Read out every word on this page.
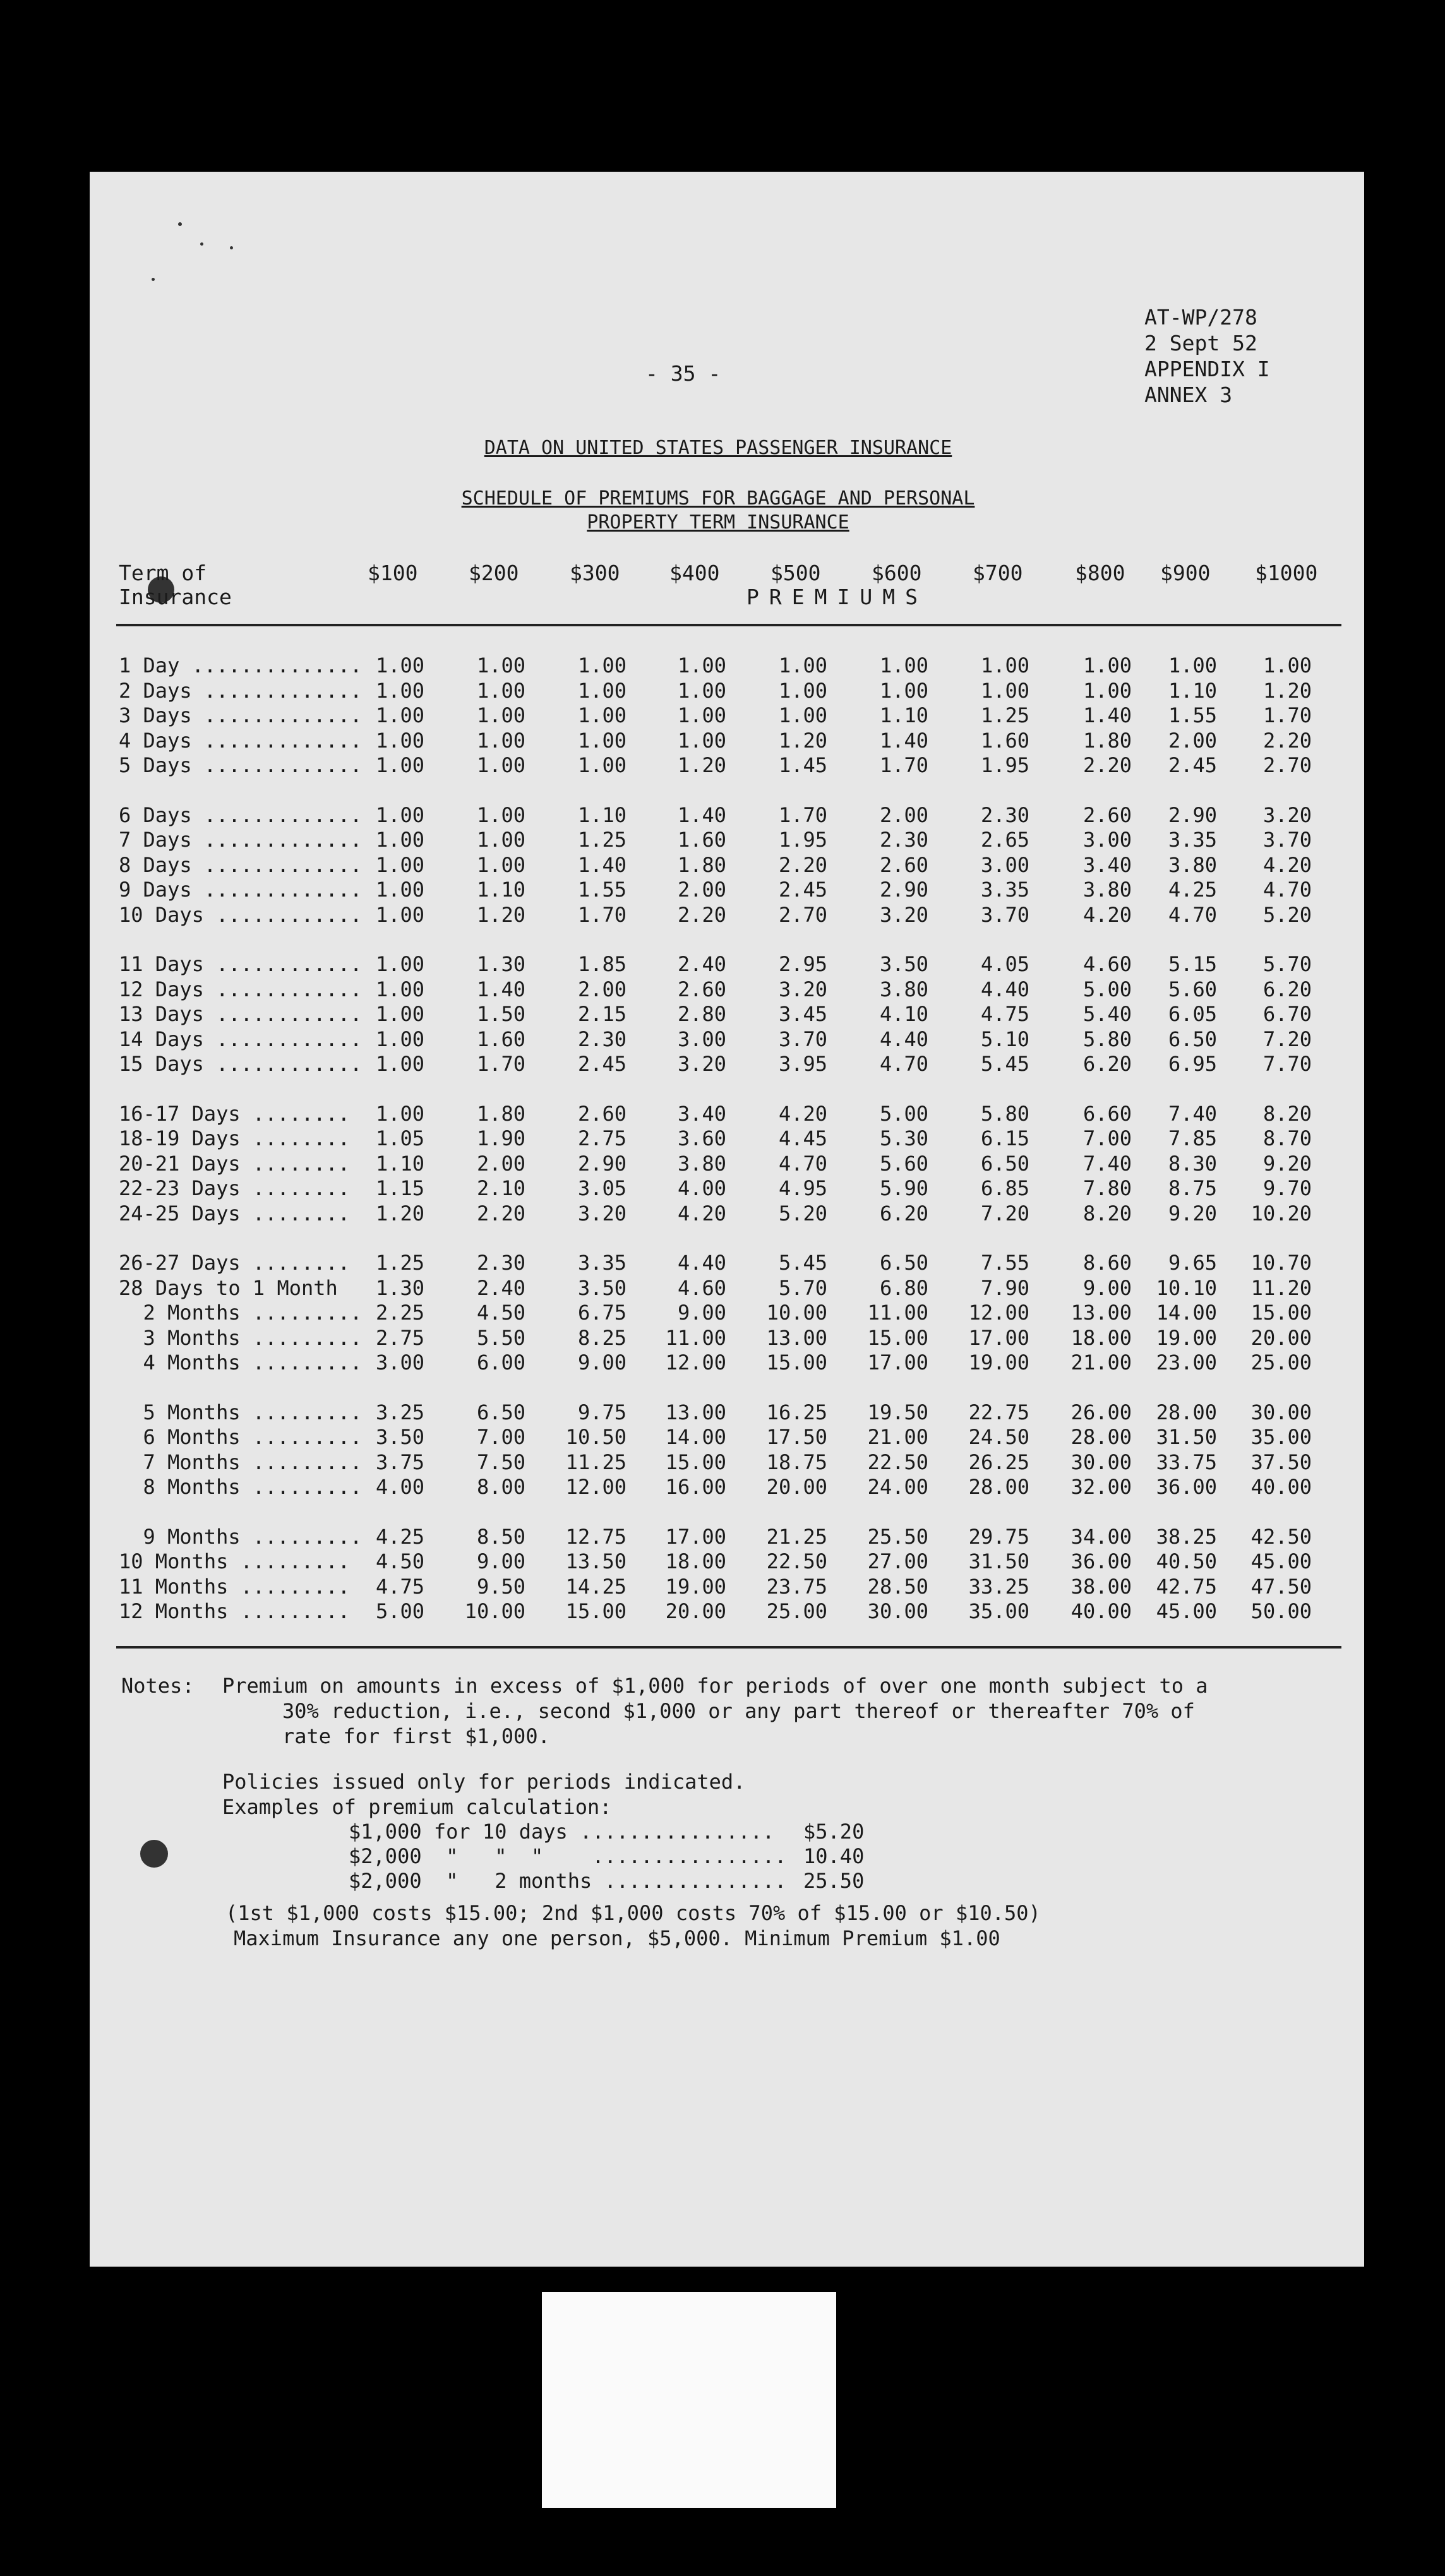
AT-WP/278
2 Sept 52
APPENDIX I
ANNEX 3
- 35 -
DATA ON UNITED STATES PASSENGER INSURANCE
SCHEDULE OF PREMIUMS FOR BAGGAGE AND PERSONAL
PROPERTY TERM INSURANCE
Term of
Insurance
$100 $200 $300 $400 $500 $600 $700	$800 $900 $1000
PREMIUMS
1 Day .............. 1.00	1.00	1.00	1.00	1.00	1.00	1.00	1.00	1.00	1.00
2 Days ............. 1.00	1.00	1.00	1.00	1.00	1.00	1.00	1.00	1.10	1.20
3 Days ............. 1.00	1.00	1.00	1.00	1.00	1.10	1.25	1.40	1.55	1.70
4 Days ............. 1.00	1.00	1.00	1.00	1.20	1.40	1.60	1.80	2.00	2.20
5 Days ............. 1.00	1.00	1.00	1.20	1.45	1.70	1.95	2.20	2.45	2.70
6 Days ............. 1.00	1.00	1.10	1.40	1.70	2.00	2.30	2.60	2.90	3.20
7 Days ............. 1.00	1.00	1.25	1.60	1.95	2.30	2.65	3.00	3.35	3.70
8 Days ............. 1.00	1.00	1.40	1.80	2.20	2.60	3.00	3.40	3.80	4.20
9 Days ............. 1.00	1.10	1.55	2.00	2.45	2.90	3.35	3.80	4.25	4.70
10 Days ............ 1.00	1.20	1.70	2.20	2.70	3.20	3.70	4.20	4.70	5.20
11 Days ............ 1.00	1.30	1.85	2.40	2.95	3.50	4.05	4.60	5.15	5.70
12 Days ............ 1.00	1.40	2.00	2.60	3.20	3.80	4.40	5.00	5.60	6.20
13 Days ............ 1.00	1.50	2.15	2.80	3.45	4.10	4.75	5.40	6.05	6.70
14 Days ............ 1.00	1.60	2.30	3.00	3.70	4.40	5.10	5.80	6.50	7.20
15 Days ............ 1.00	1.70	2.45	3.20	3.95	4.70	5.45	6.20	6.95	7.70
16-17 Days ........	1.00	1.80	2.60	3.40	4.20	5.00	5.80	6.60	7.40	8.20
18-19 Days ........	1.05	1.90	2.75	3.60	4.45	5.30	6.15	7.00	7.85	8.70
20-21 Days ........	1.10	2.00	2.90	3.80	4.70	5.60	6.50	7.40	8.30	9.20
22-23 Days ........	1.15	2.10	3.05	4.00	4.95	5.90	6.85	7.80	8.75	9.70
24-25 Days ........	1.20	2.20	3.20	4.20	5.20	6.20	7.20	8.20	9.20	10.20
26-27 Days ........	1.25	2.30	3.35	4.40	5.45	6.50	7.55	8.60	9.65	10.70
28 Days to 1 Month	1.30	2.40	3.50	4.60	5.70	6.80	7.90	9.00	10.10	11.20
2 Months ......... 2.25	4.50	6.75	9.00	10.00	11.00	12.00	13.00	14.00	15.00
3 Months ......... 2.75	5.50	8.25	11.00	13.00	15.00	17.00	18.00	19.00	20.00
4 Months ......... 3.00	6.00	9.00	12.00	15.00	17.00	19.00	21.00	23.00	25.00
5 Months ......... 3.25	6.50	9.75	13.00	16.25	19.50	22.75	26.00	28.00	30.00
6 Months ......... 3.50	7.00	10.50	14.00	17.50	21.00	24.50	28.00	31.50	35.00
7 Months ......... 3.75	7.50	11.25	15.00	18.75	22.50	26.25	30.00	33.75	37.50
8 Months ......... 4.00	8.00	12.00	16.00	20.00	24.00	28.00	32.00	36.00	40.00
9 Months ......... 4.25	8.50	12.75	17.00	21.25	25.50	29.75	34.00	38.25	42.50
10 Months .........	4.50	9.00	13.50	18.00	22.50	27.00	31.50	36.00	40.50	45.00
11 Months .........	4.75	9.50	14.25	19.00	23.75	28.50	33.25	38.00	42.75	47.50
12 Months .........	5.00	10.00	15.00	20.00	25.00	30.00	35.00	40.00	45.00	50.00
Notes: Premium on amounts in excess of $1,000 for periods of over one month subject to a
30% reduction, i.e., second $1,000 or any part thereof or thereafter 70% of
rate for first $1,000.
Policies issued only for periods indicated.
Examples of premium calculation:
$1,000 for 10 days ................ $5.20
$2,000  "   "  "    ................ 10.40
$2,000  "   2 months ............... 25.50
(1st $1,000 costs $15.00; 2nd $1,000 costs 70% of $15.00 or $10.50)
Maximum Insurance any one person, $5,000. Minimum Premium $1.00
